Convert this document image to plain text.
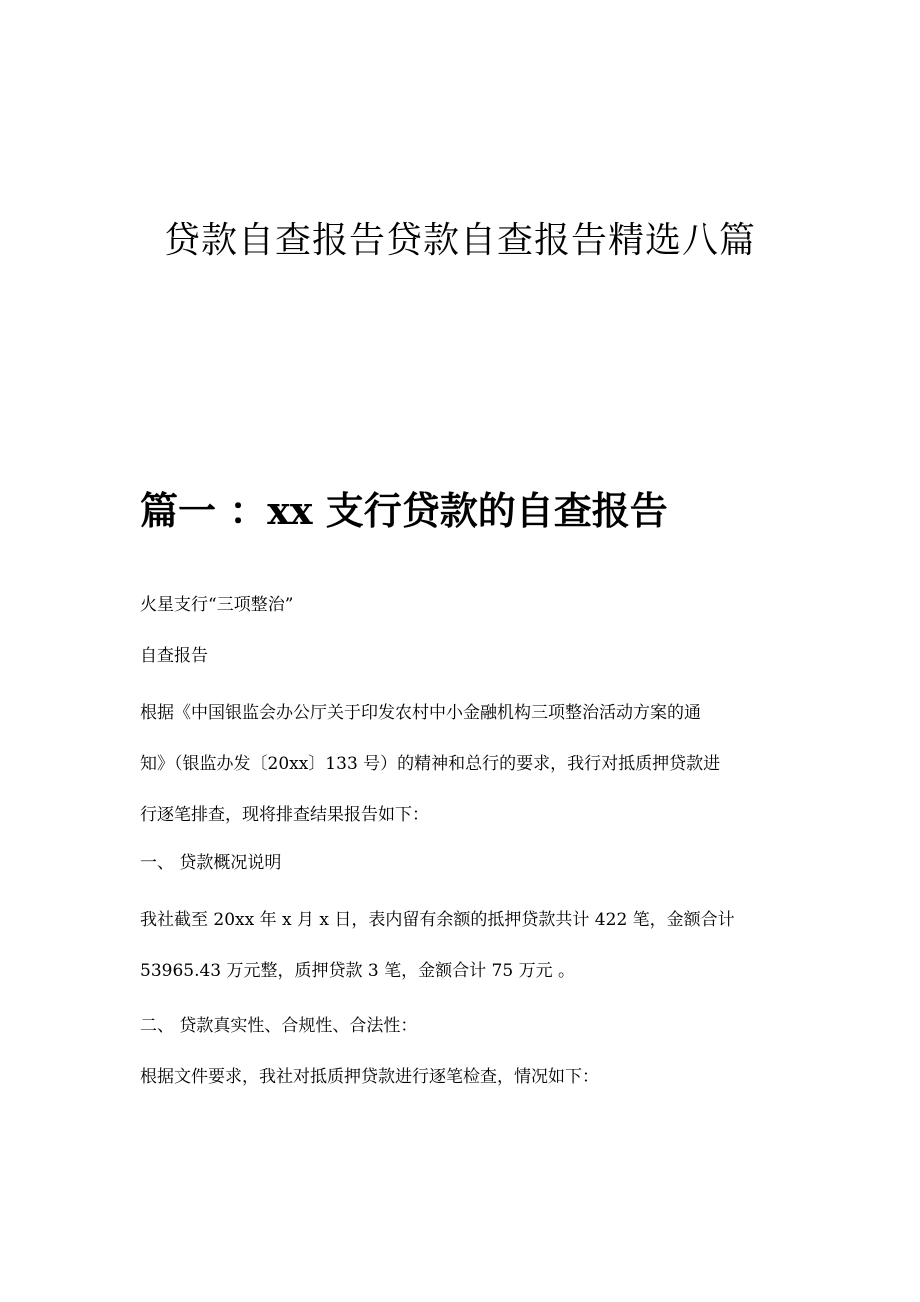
贷款自查报告贷款自查报告精选八篇
篇一 ：xx 支行贷款的自查报告

火星支行“三项整治”

自查报告

根据《中国银监会办公厅关于印发农村中小金融机构三项整治活动方案的通
知》（银监办发〔20xx〕133 号）的精神和总行的要求，我行对抵质押贷款进
行逐笔排查，现将排查结果报告如下：

一、 贷款概况说明

我社截至 20xx 年 x 月 x 日，表内留有余额的抵押贷款共计 422 笔，金额合计
53965.43 万元整，质押贷款 3 笔，金额合计 75 万元 。

二、 贷款真实性、合规性、合法性：

根据文件要求，我社对抵质押贷款进行逐笔检查，情况如下：
